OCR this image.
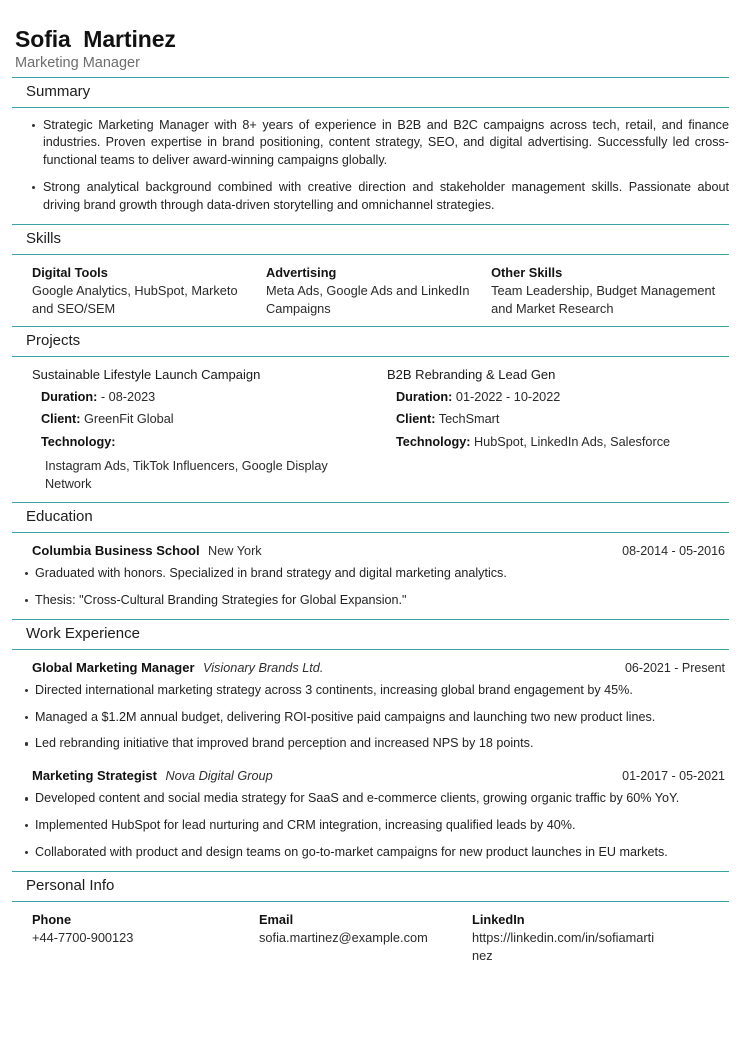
Sofia  Martinez
Marketing Manager
Summary
Strategic Marketing Manager with 8+ years of experience in B2B and B2C campaigns across tech, retail, and finance industries. Proven expertise in brand positioning, content strategy, SEO, and digital advertising. Successfully led cross-functional teams to deliver award-winning campaigns globally.
Strong analytical background combined with creative direction and stakeholder management skills. Passionate about driving brand growth through data-driven storytelling and omnichannel strategies.
Skills
Digital Tools
Google Analytics, HubSpot, Marketo and SEO/SEM
Advertising
Meta Ads, Google Ads and LinkedIn Campaigns
Other Skills
Team Leadership, Budget Management and Market Research
Projects
Sustainable Lifestyle Launch Campaign
Duration: - 08-2023
Client: GreenFit Global
Technology:
Instagram Ads, TikTok Influencers, Google Display Network
B2B Rebranding & Lead Gen
Duration: 01-2022 - 10-2022
Client: TechSmart
Technology: HubSpot, LinkedIn Ads, Salesforce
Education
Columbia Business School New York	08-2014 - 05-2016
Graduated with honors. Specialized in brand strategy and digital marketing analytics.
Thesis: "Cross-Cultural Branding Strategies for Global Expansion."
Work Experience
Global Marketing Manager Visionary Brands Ltd.	06-2021 - Present
Directed international marketing strategy across 3 continents, increasing global brand engagement by 45%.
Managed a $1.2M annual budget, delivering ROI-positive paid campaigns and launching two new product lines.
Led rebranding initiative that improved brand perception and increased NPS by 18 points.
Marketing Strategist Nova Digital Group	01-2017 - 05-2021
Developed content and social media strategy for SaaS and e-commerce clients, growing organic traffic by 60% YoY.
Implemented HubSpot for lead nurturing and CRM integration, increasing qualified leads by 40%.
Collaborated with product and design teams on go-to-market campaigns for new product launches in EU markets.
Personal Info
Phone
+44-7700-900123
Email
sofia.martinez@example.com
LinkedIn
https://linkedin.com/in/sofiamartinez
